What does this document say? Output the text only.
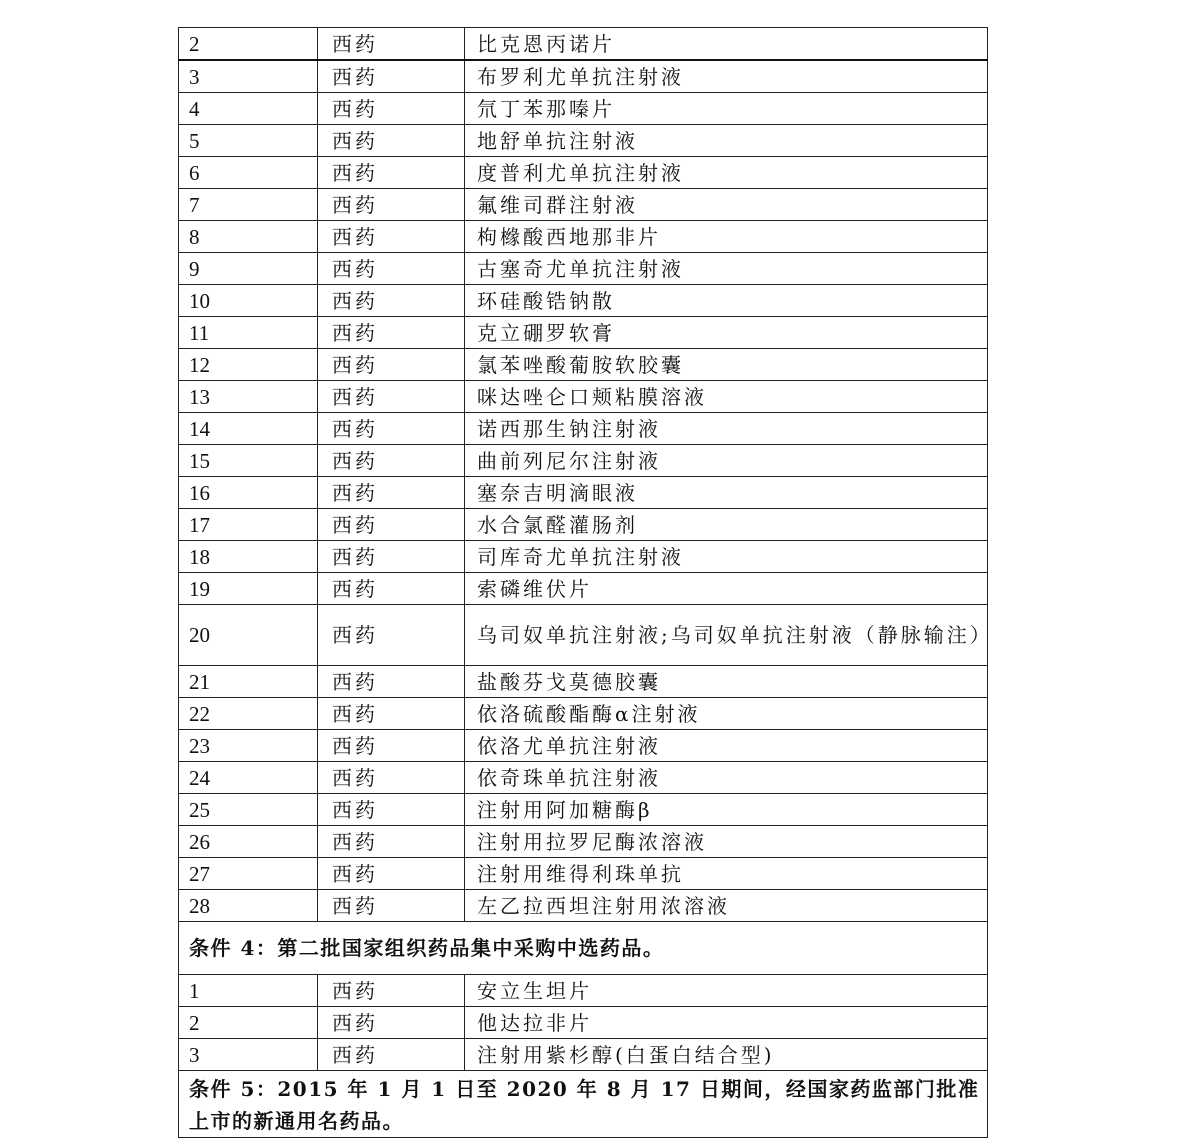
2	西药	比克恩丙诺片
3	西药	布罗利尤单抗注射液
4	西药	氘丁苯那嗪片
5	西药	地舒单抗注射液
6	西药	度普利尤单抗注射液
7	西药	氟维司群注射液
8	西药	枸橼酸西地那非片
9	西药	古塞奇尤单抗注射液
10	西药	环硅酸锆钠散
11	西药	克立硼罗软膏
12	西药	氯苯唑酸葡胺软胶囊
13	西药	咪达唑仑口颊粘膜溶液
14	西药	诺西那生钠注射液
15	西药	曲前列尼尔注射液
16	西药	塞奈吉明滴眼液
17	西药	水合氯醛灌肠剂
18	西药	司库奇尤单抗注射液
19	西药	索磷维伏片
20	西药	乌司奴单抗注射液;乌司奴单抗注射液（静脉输注）
21	西药	盐酸芬戈莫德胶囊
22	西药	依洛硫酸酯酶α注射液
23	西药	依洛尤单抗注射液
24	西药	依奇珠单抗注射液
25	西药	注射用阿加糖酶β
26	西药	注射用拉罗尼酶浓溶液
27	西药	注射用维得利珠单抗
28	西药	左乙拉西坦注射用浓溶液
条件 4：第二批国家组织药品集中采购中选药品。		
1	西药	安立生坦片
2	西药	他达拉非片
3	西药	注射用紫杉醇(白蛋白结合型)
条件 5：2015 年 1 月 1 日至 2020 年 8 月 17 日期间，经国家药监部门批准上市的新通用名药品。		
